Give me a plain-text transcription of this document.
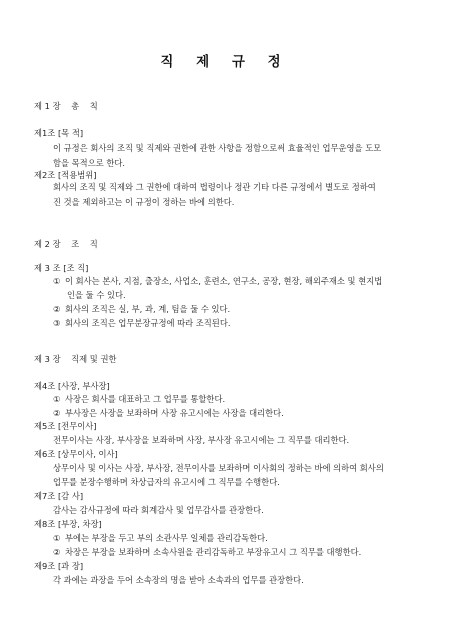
직 제 규 정
제 1 장    총    칙
제1조 [목 적]
이 규정은 회사의 조직 및 직제와 권한에 관한 사항을 정함으로써 효율적인 업무운영을 도모
함을 목적으로 한다.
제2조 [적용범위]
회사의 조직 및 직제와 그 권한에 대하여 법령이나 정관 기타 다른 규정에서 별도로 정하여
진 것을 제외하고는 이 규정이 정하는 바에 의한다.
제 2 장    조    직
제 3 조 [조 직]
① 이 회사는 본사, 지점, 출장소, 사업소, 훈련소, 연구소, 공장, 현장, 해외주재소 및 현지법
인을 둘 수 있다.
② 회사의 조직은 실, 부, 과, 계, 팀을 둘 수 있다.
③ 회사의 조직은 업무분장규정에 따라 조직된다.
제 3 장    직제 및 권한
제4조 [사장, 부사장]
① 사장은 회사를 대표하고 그 업무를 통할한다.
② 부사장은 사장을 보좌하며 사장 유고시에는 사장을 대리한다.
제5조 [전무이사]
전무이사는 사장, 부사장을 보좌하며 사장, 부사장 유고시에는 그 직무를 대리한다.
제6조 [상무이사, 이사]
상무이사 및 이사는 사장, 부사장, 전무이사를 보좌하며 이사회의 정하는 바에 의하여 회사의
업무를 분장수행하며 차상급자의 유고시에 그 직무를 수행한다.
제7조 [감 사]
감사는 감사규정에 따라 회계감사 및 업무감사를 관장한다.
제8조 [부장, 차장]
① 부에는 부장을 두고 부의 소관사무 일체를 관리감독한다.
② 차장은 부장을 보좌하며 소속사원을 관리감독하고 부장유고시 그 직무를 대행한다.
제9조 [과 장]
각 과에는 과장을 두어 소속장의 명을 받아 소속과의 업무를 관장한다.
